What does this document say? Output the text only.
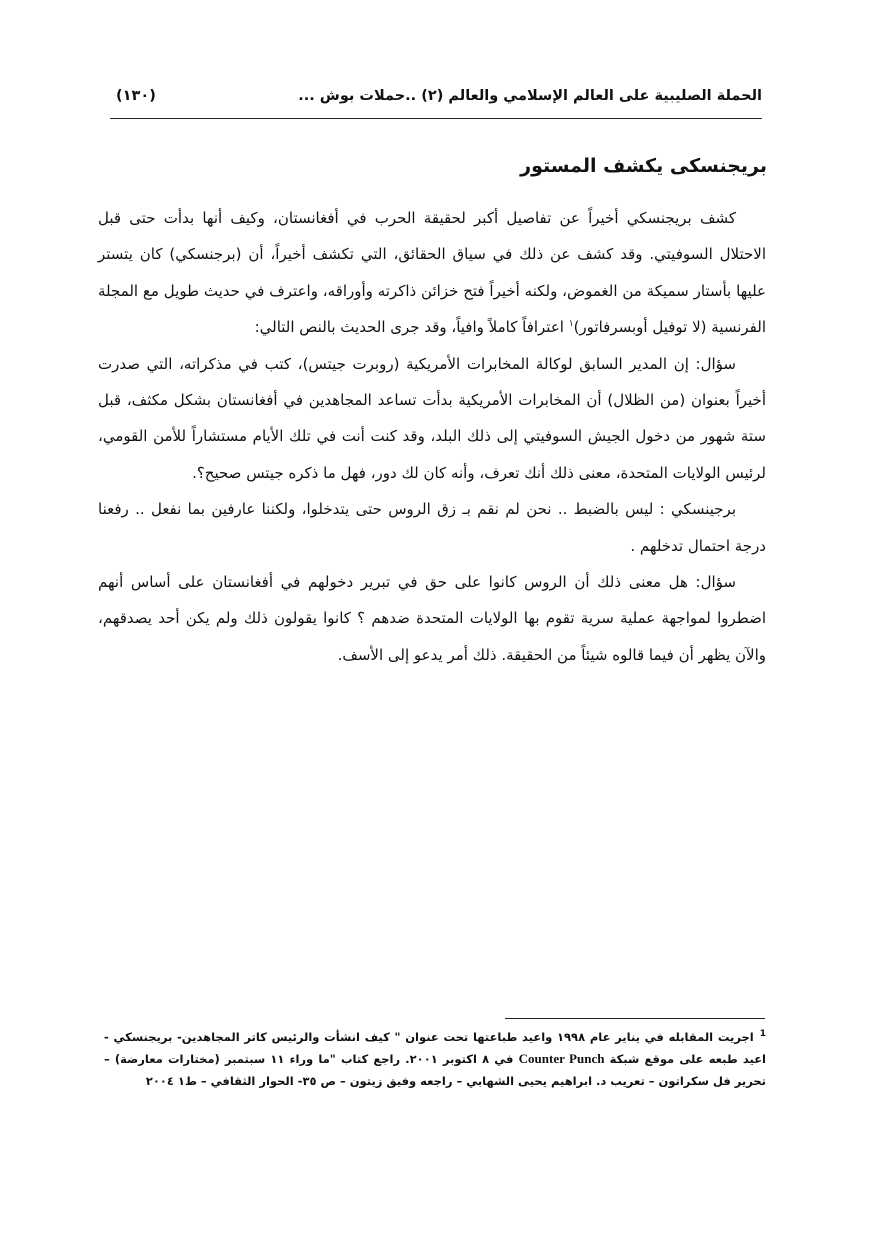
الحملة الصليبية على العالم الإسلامي والعالم (٢) ..حملات بوش ...
(١٣٠)
بريجنسكى يكشف المستور

كشف بريجنسكي أخيراً عن تفاصيل أكبر لحقيقة الحرب في أفغانستان، وكيف أنها بدأت حتى قبل الاحتلال السوفيتي. وقد كشف عن ذلك في سياق الحقائق، التي تكشف أخيراً، أن (برجنسكي) كان يتستر عليها بأستار سميكة من الغموض، ولكنه أخيراً فتح خزائن ذاكرته وأوراقه، واعترف في حديث طويل مع المجلة الفرنسية (لا توفيل أوبسرفاتور)$^١$ اعترافاً كاملاً وافياً، وقد جرى الحديث بالنص التالي:

سؤال: إن المدير السابق لوكالة المخابرات الأمريكية (روبرت جيتس)، كتب في مذكراته، التي صدرت أخيراً بعنوان (من الظلال) أن المخابرات الأمريكية بدأت تساعد المجاهدين في أفغانستان بشكل مكثف، قبل ستة شهور من دخول الجيش السوفيتي إلى ذلك البلد، وقد كنت أنت في تلك الأيام مستشاراً للأمن القومي، لرئيس الولايات المتحدة، معنى ذلك أنك تعرف، وأنه كان لك دور، فهل ما ذكره جيتس صحيح؟.

برجينسكي : ليس بالضبط .. نحن لم نقم بـ زق الروس حتى يتدخلوا، ولكننا عارفين بما نفعل .. رفعنا درجة احتمال تدخلهم .

سؤال: هل معنى ذلك أن الروس كانوا على حق في تبرير دخولهم في أفغانستان على أساس أنهم اضطروا لمواجهة عملية سرية تقوم بها الولايات المتحدة ضدهم ؟ كانوا يقولون ذلك ولم يكن أحد يصدقهم، والآن يظهر أن فيما قالوه شيئاً من الحقيقة. ذلك أمر يدعو إلى الأسف.

$^1$اجريت المقابله في يناير عام ١٩٩٨ واعيد طباعتها تحت عنوان " كيف انشأت والرئيس كاتر المجاهدين- بريجنسكي - اعيد طبعه على موقع شبكة Counter Punch في ٨ اكتوبر ٢٠٠١. راجع كتاب "ما وراء ١١ سبتمبر (مختارات معارضة) – تحرير فل سكراتون – تعريب د. ابراهيم يحيى الشهابي – راجعه وفيق زيتون – ص ٣٥- الحوار الثقافي – ط١ ٢٠٠٤
